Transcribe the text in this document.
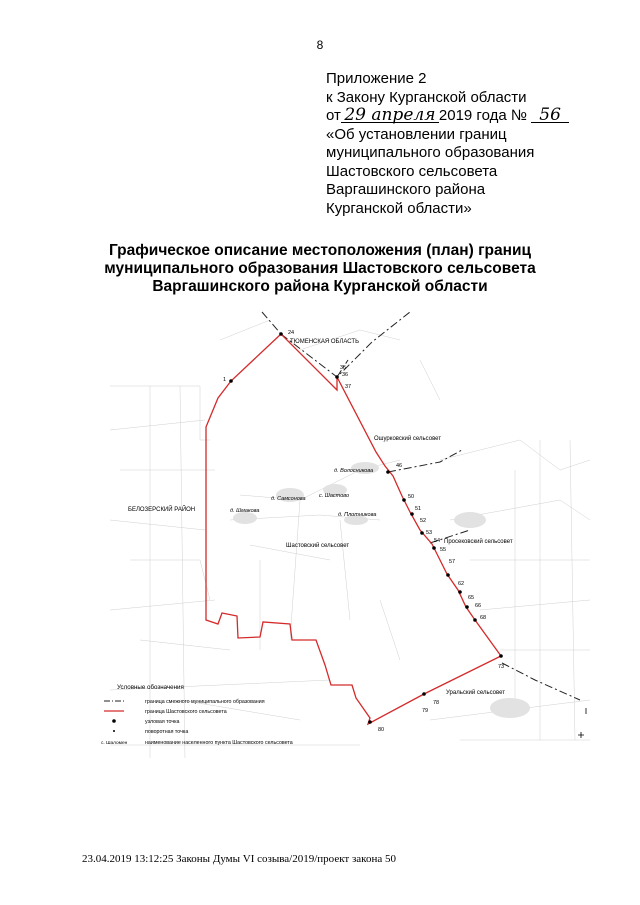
8
Приложение 2
к Закону Курганской области
от 29 апреля 2019 года № 56
«Об установлении границ
муниципального образования
Шастовского сельсовета
Варгашинского района
Курганской области»
Графическое описание местоположения (план) границ
муниципального образования Шастовского сельсовета
Варгашинского района Курганской области
24
1
35
36
37
46
50
51
52
53
54
55
57
62
65
66
68
73
78
79
80
ТЮМЕНСКАЯ ОБЛАСТЬ
БЕЛОЗЕРСКИЙ РАЙОН
Ошурковский сельсовет
Просековский сельсовет
Уральский сельсовет
Шастовский сельсовет
д. Волосникова
с. Шастово
д. Самсонова
д. Шмакова
д. Плотникова
Условные обозначения
граница смежного муниципального образования
граница Шастовского сельсовета
узловая точка
поворотная точка
с. Шаломен	наименование населенного пункта Шастовского сельсовета
23.04.2019 13:12:25 Законы Думы VI созыва/2019/проект закона 50
